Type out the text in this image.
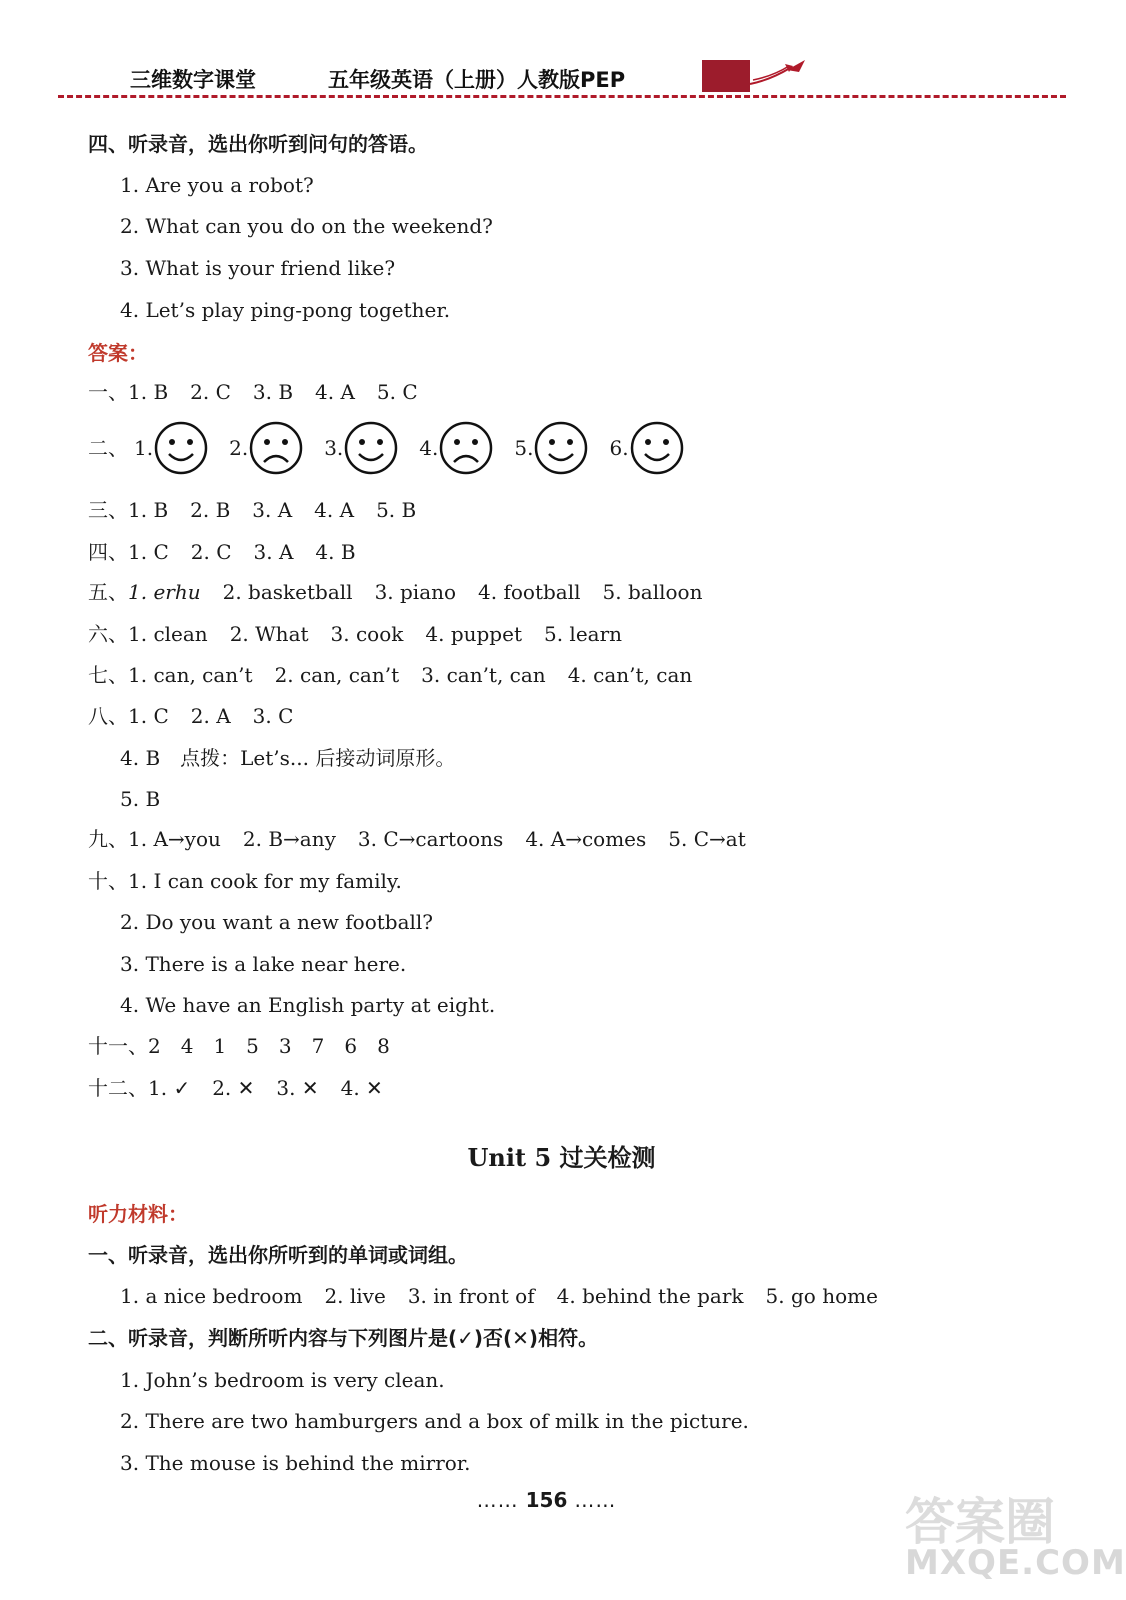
三维数字课堂	五年级英语（上册）人教版PEP
四、听录音，选出你听到问句的答语。
1. Are you a robot?
2. What can you do on the weekend?
3. What is your friend like?
4. Let’s play ping-pong together.
答案：
一、1. B 2. C 3. B 4. A 5. C
二、 1.	2.	3.	4.	5.	6.
三、1. B 2. B 3. A 4. A 5. B
四、1. C 2. C 3. A 4. B
五、1. erhu 2. basketball 3. piano 4. football 5. balloon
六、1. clean 2. What 3. cook 4. puppet 5. learn
七、1. can, can’t 2. can, can’t 3. can’t, can 4. can’t, can
八、1. C 2. A 3. C
4. B　点拨：Let’s... 后接动词原形。
5. B
九、1. A→you 2. B→any 3. C→cartoons 4. A→comes 5. C→at
十、1. I can cook for my family.
2. Do you want a new football?
3. There is a lake near here.
4. We have an English party at eight.
十一、2　4　1　5　3　7　6　8
十二、1. ✓ 2. ✕ 3. ✕ 4. ✕
Unit 5 过关检测
听力材料：
一、听录音，选出你所听到的单词或词组。
1. a nice bedroom 2. live 3. in front of 4. behind the park 5. go home
二、听录音，判断所听内容与下列图片是(✓)否(✕)相符。
1. John’s bedroom is very clean.
2. There are two hamburgers and a box of milk in the picture.
3. The mouse is behind the mirror.
…… 156 ……	答案圈
MXQE.COM
